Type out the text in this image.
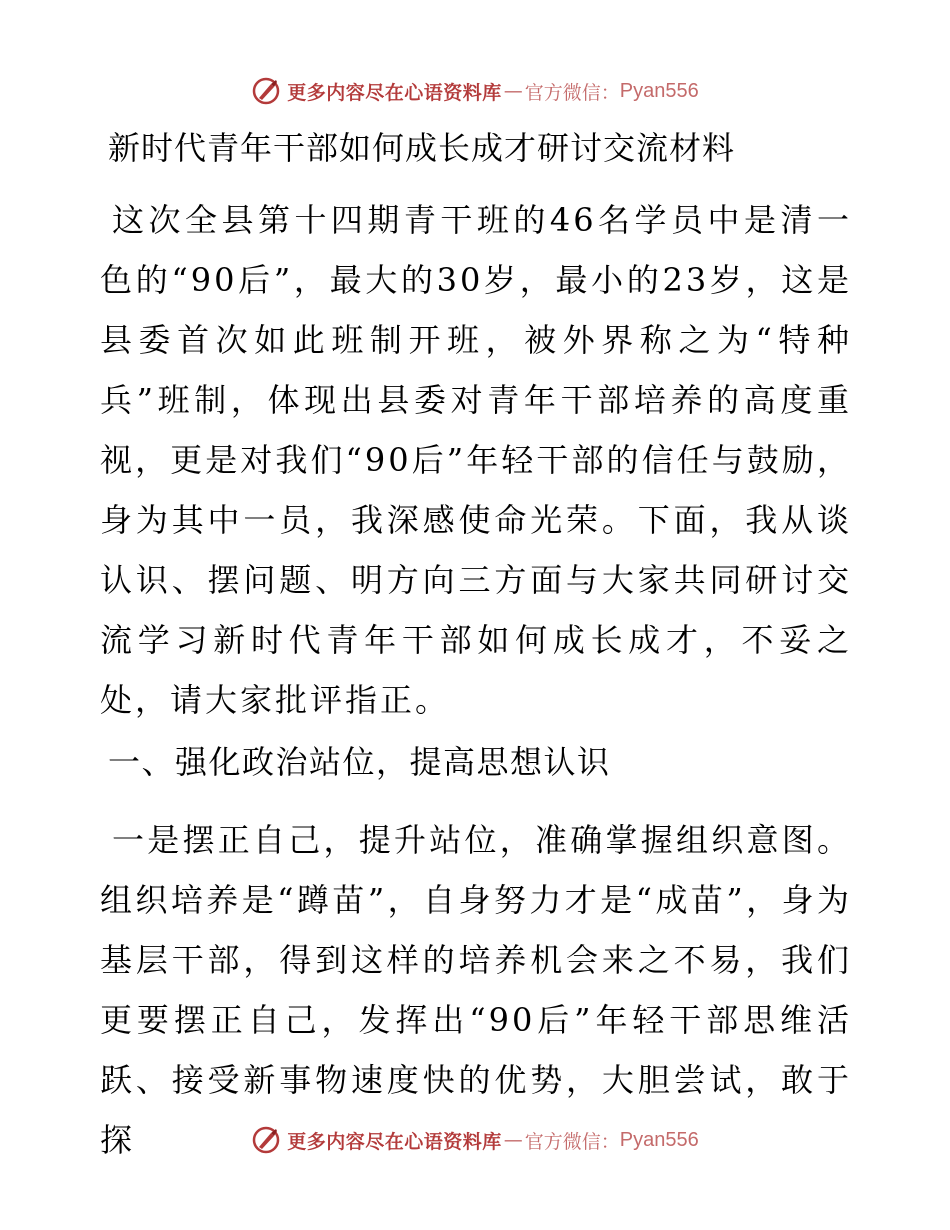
更多内容尽在心语资料库 — 官方微信： Pyan556
新时代青年干部如何成长成才研讨交流材料

这次全县第十四期青干班的46名学员中是清一色的“90后”，最大的30岁，最小的23岁，这是县委首次如此班制开班，被外界称之为“特种兵”班制，体现出县委对青年干部培养的高度重视，更是对我们“90后”年轻干部的信任与鼓励，身为其中一员，我深感使命光荣。下面，我从谈认识、摆问题、明方向三方面与大家共同研讨交流学习新时代青年干部如何成长成才，不妥之处，请大家批评指正。

一、强化政治站位，提高思想认识

一是摆正自己，提升站位，准确掌握组织意图。组织培养是“蹲苗”，自身努力才是“成苗”，身为基层干部，得到这样的培养机会来之不易，我们更要摆正自己，发挥出“90后”年轻干部思维活跃、接受新事物速度快的优势，大胆尝试，敢于探	更多内容尽在心语资料库 — 官方微信： Pyan556
